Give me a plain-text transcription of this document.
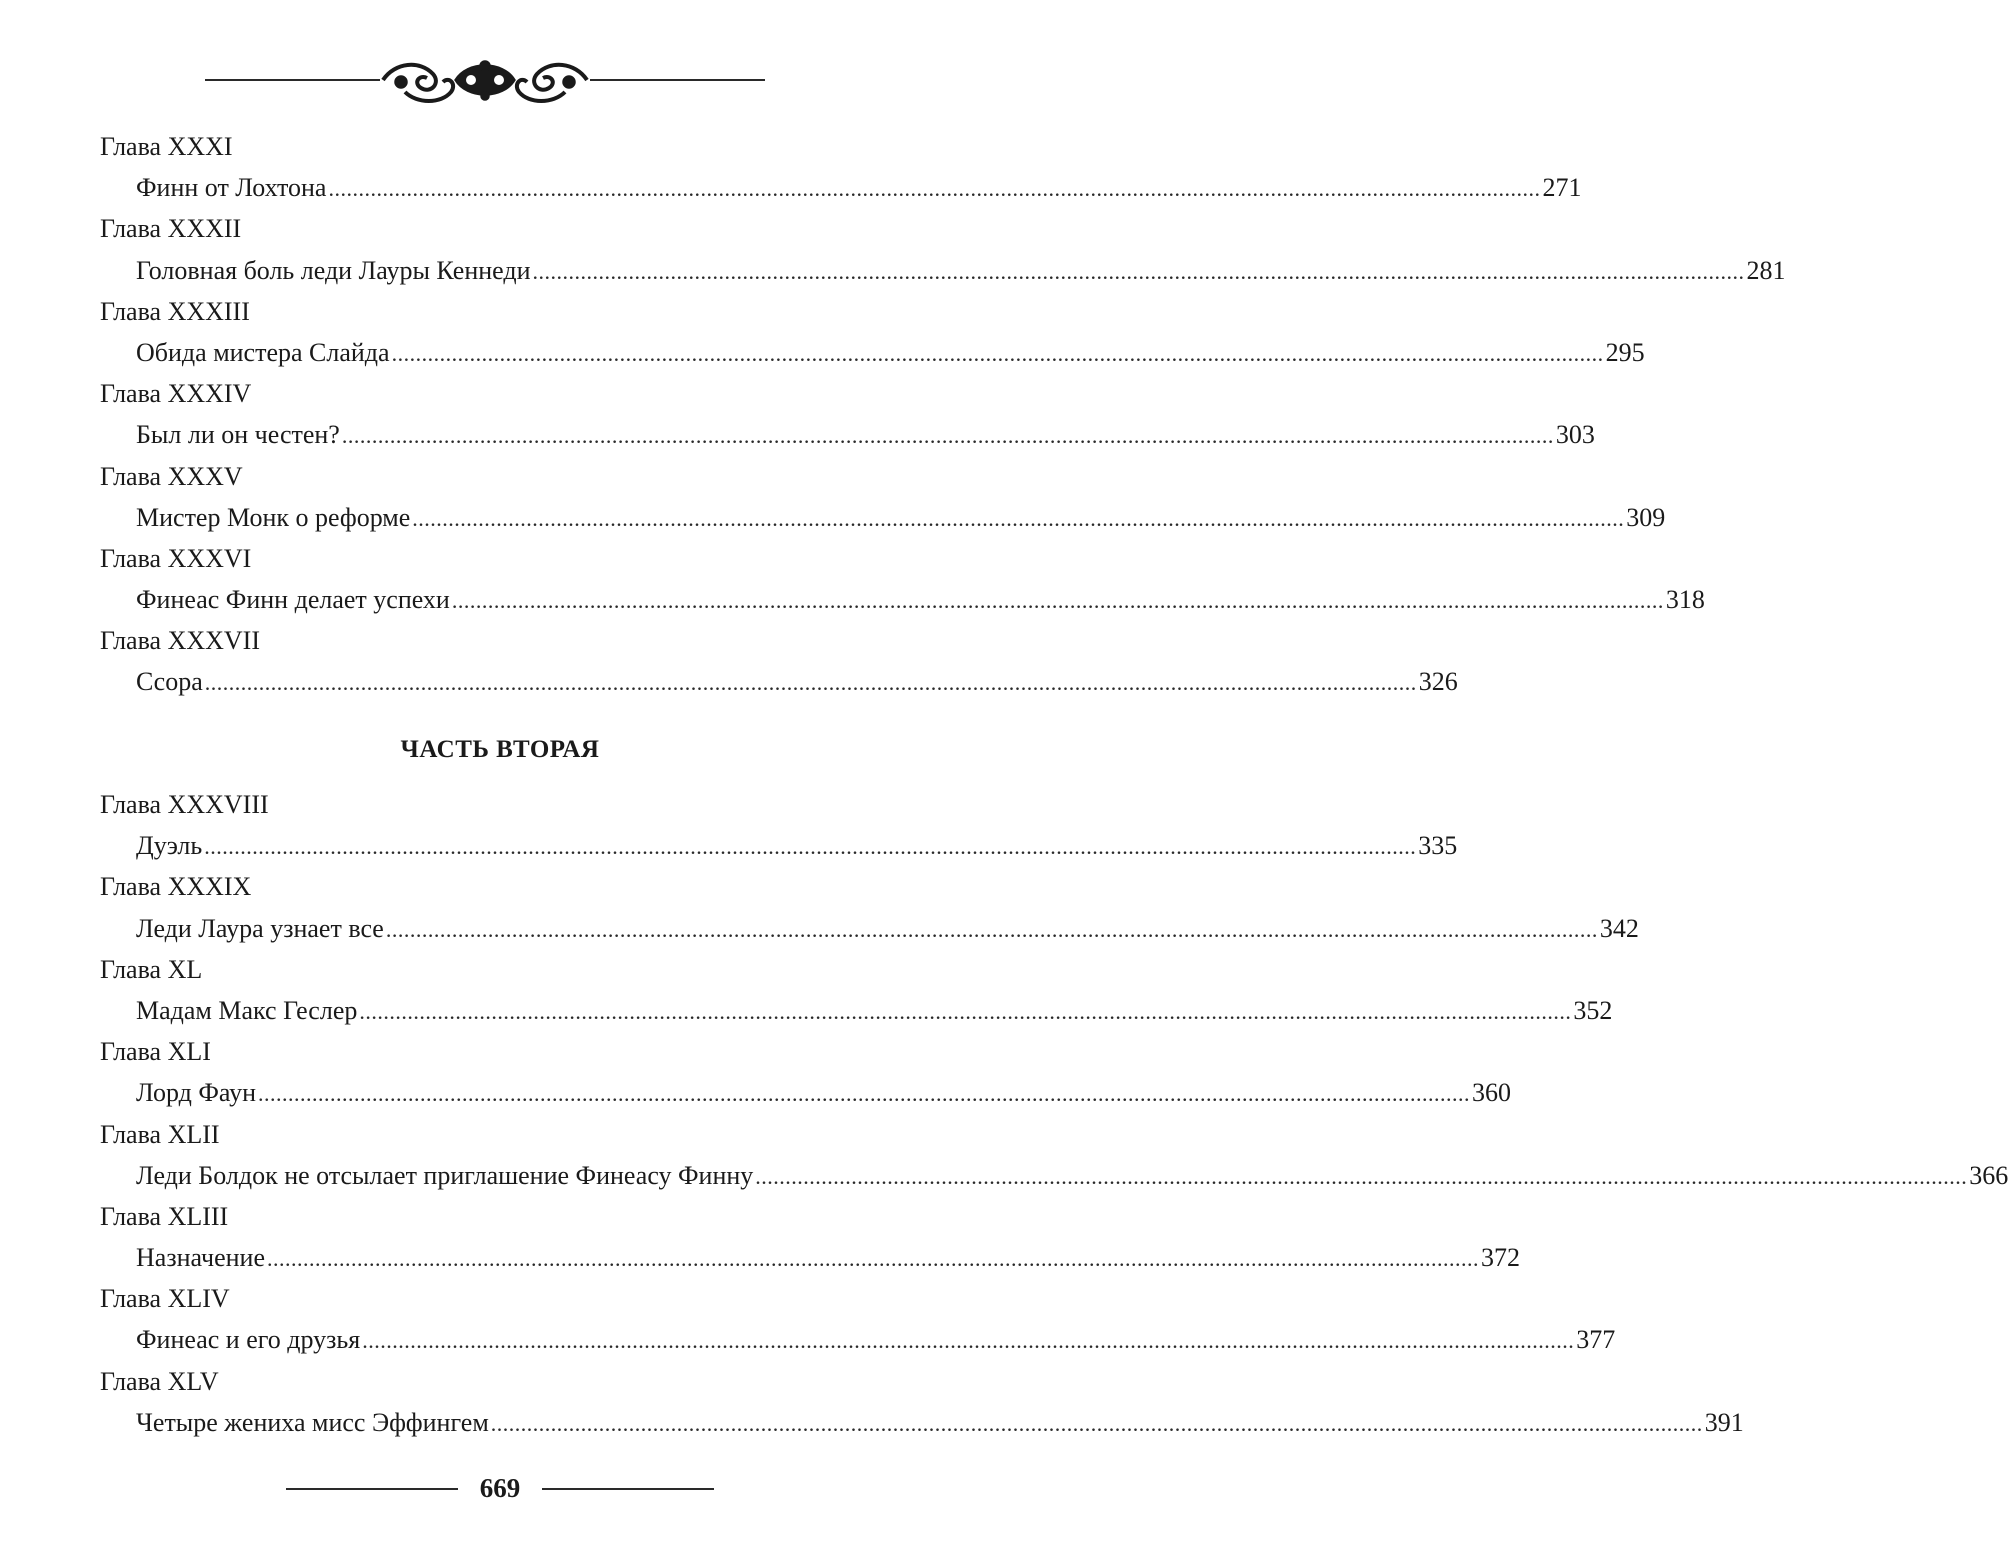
Глава XXXI
Финн от Лохтона .......................................................................................................................................................................................................... 271
Глава XXXII
Головная боль леди Лауры Кеннеди .......................................................................................................................................................................................................... 281
Глава XXXIII
Обида мистера Слайда .......................................................................................................................................................................................................... 295
Глава XXXIV
Был ли он честен? .......................................................................................................................................................................................................... 303
Глава XXXV
Мистер Монк о реформе .......................................................................................................................................................................................................... 309
Глава XXXVI
Финеас Финн делает успехи .......................................................................................................................................................................................................... 318
Глава XXXVII
Ссора .......................................................................................................................................................................................................... 326
ЧАСТЬ ВТОРАЯ
Глава XXXVIII
Дуэль .......................................................................................................................................................................................................... 335
Глава XXXIX
Леди Лаура узнает все .......................................................................................................................................................................................................... 342
Глава XL
Мадам Макс Геслер .......................................................................................................................................................................................................... 352
Глава XLI
Лорд Фаун .......................................................................................................................................................................................................... 360
Глава XLII
Леди Болдок не отсылает приглашение Финеасу Финну .......................................................................................................................................................................................................... 366
Глава XLIII
Назначение .......................................................................................................................................................................................................... 372
Глава XLIV
Финеас и его друзья .......................................................................................................................................................................................................... 377
Глава XLV
Четыре жениха мисс Эффингем .......................................................................................................................................................................................................... 391
669
